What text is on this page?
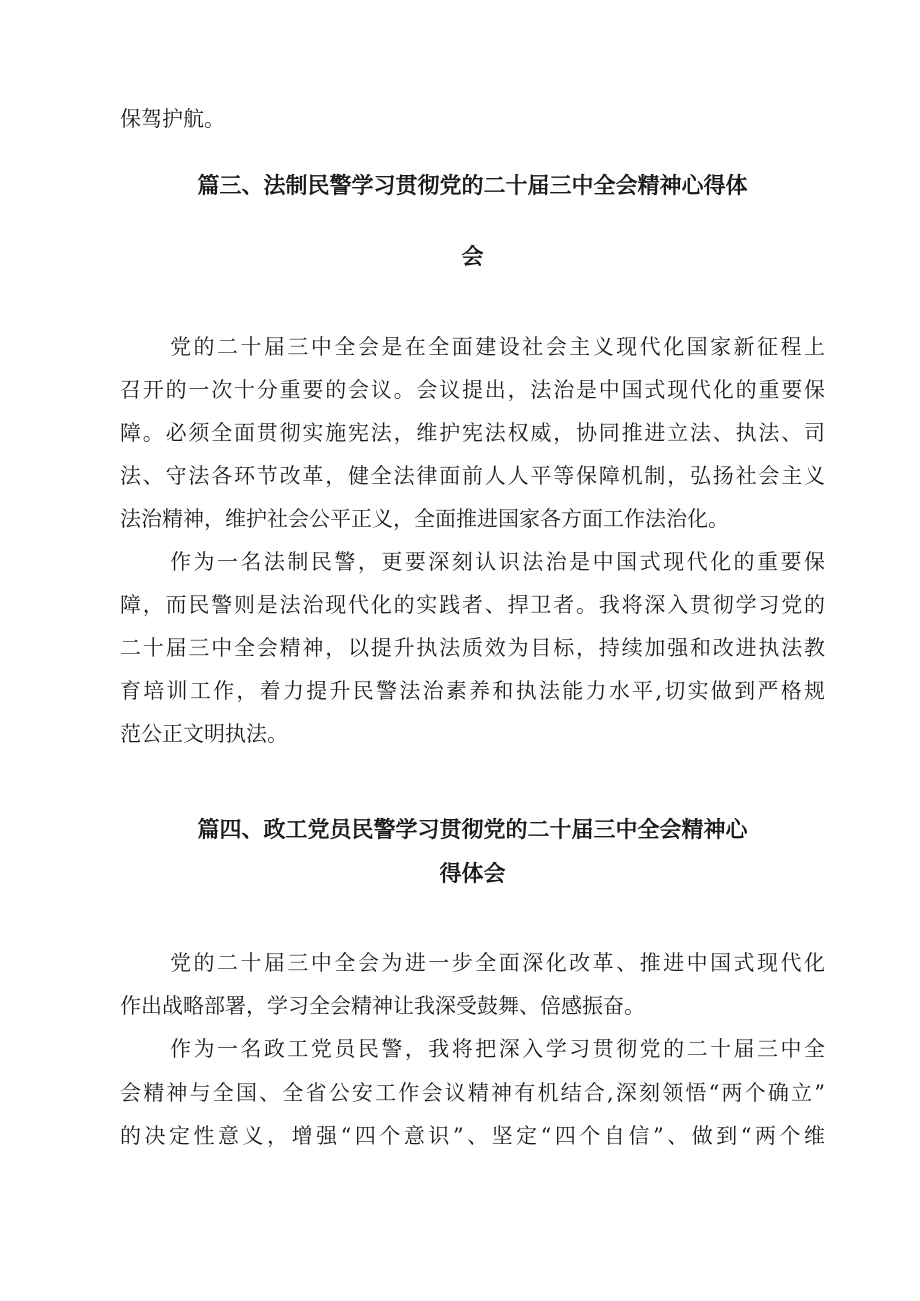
保驾护航。

篇三、法制民警学习贯彻党的二十届三中全会精神心得体
会

党的二十届三中全会是在全面建设社会主义现代化国家新征程上

召开的一次十分重要的会议。会议提出，法治是中国式现代化的重要保

障。必须全面贯彻实施宪法，维护宪法权威，协同推进立法、执法、司

法、守法各环节改革，健全法律面前人人平等保障机制，弘扬社会主义

法治精神，维护社会公平正义，全面推进国家各方面工作法治化。

作为一名法制民警，更要深刻认识法治是中国式现代化的重要保

障，而民警则是法治现代化的实践者、捍卫者。我将深入贯彻学习党的

二十届三中全会精神，以提升执法质效为目标，持续加强和改进执法教

育培训工作，着力提升民警法治素养和执法能力水平,切实做到严格规

范公正文明执法。

篇四、政工党员民警学习贯彻党的二十届三中全会精神心
得体会

党的二十届三中全会为进一步全面深化改革、推进中国式现代化

作出战略部署，学习全会精神让我深受鼓舞、倍感振奋。

作为一名政工党员民警，我将把深入学习贯彻党的二十届三中全

会精神与全国、全省公安工作会议精神有机结合,深刻领悟“两个确立”

的决定性意义，增强“四个意识”、坚定“四个自信”、做到“两个维
